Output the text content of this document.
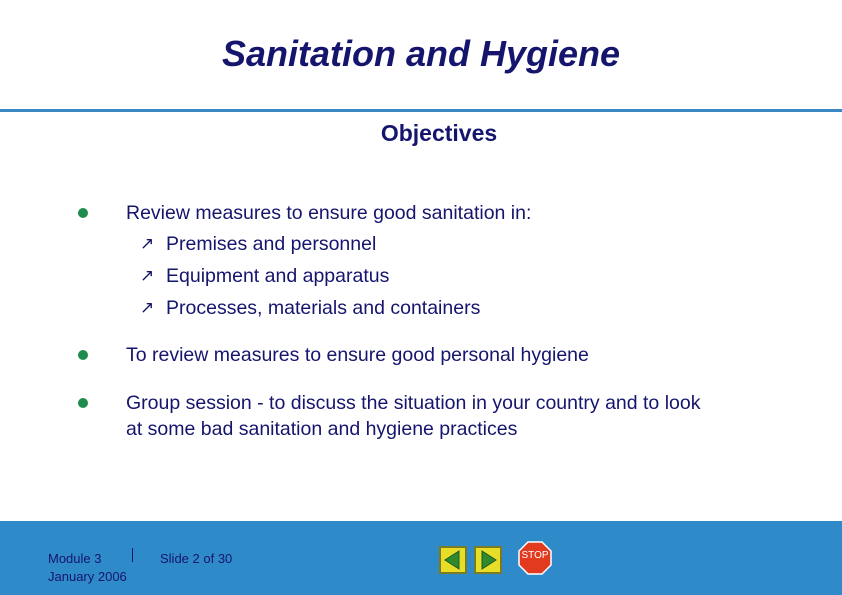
Sanitation and Hygiene
Objectives
Review measures to ensure good sanitation in:
↗ Premises and personnel
↗ Equipment and apparatus
↗ Processes, materials and containers
To review measures to ensure good personal hygiene
Group session - to discuss the situation in your country and to look
at some bad sanitation and hygiene practices
Module 3
January 2006
Slide 2 of 30	STOP
